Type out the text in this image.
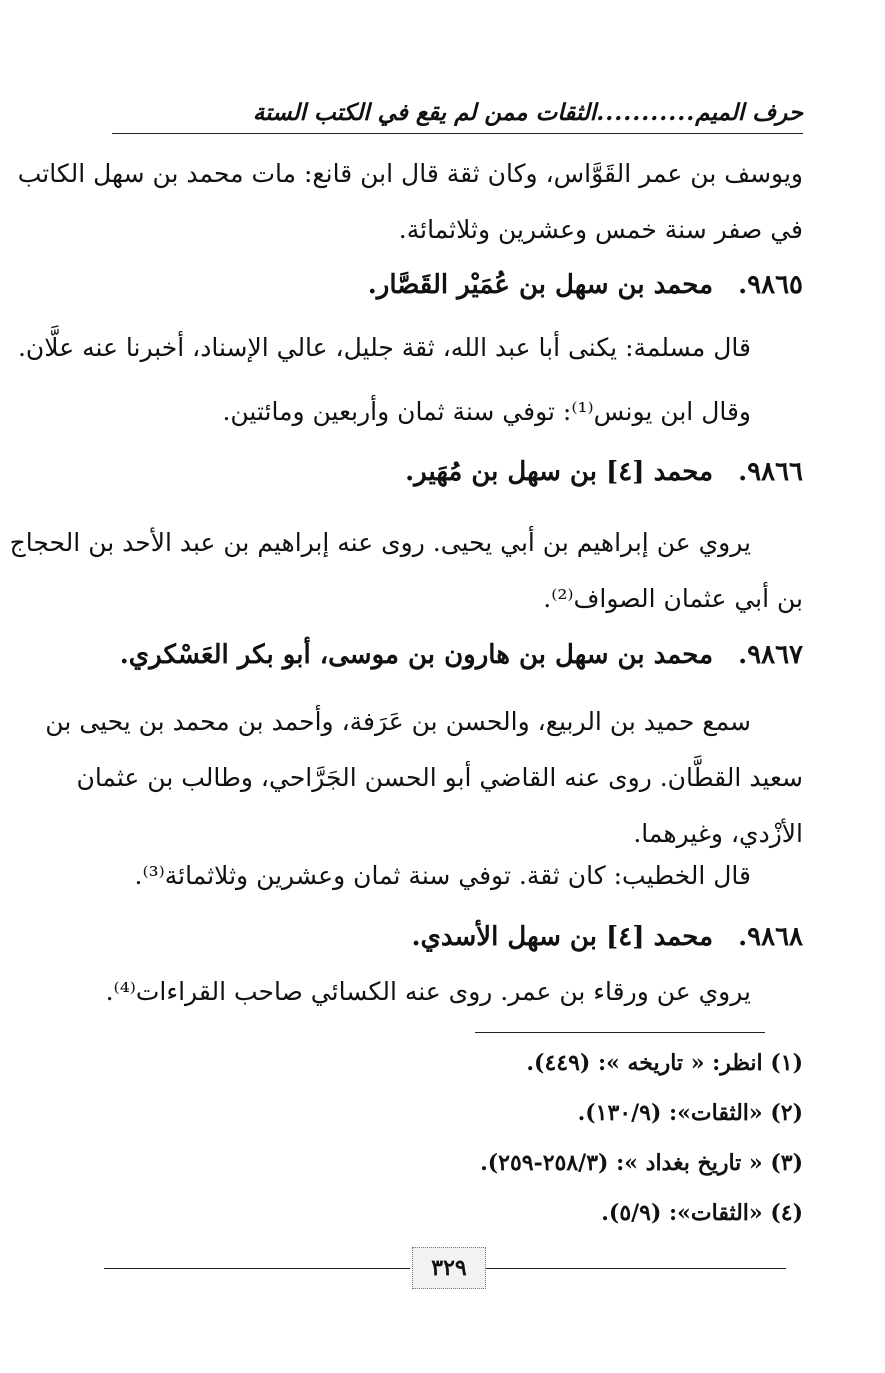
حرف الميم
...........
الثقات ممن لم يقع في الكتب الستة
ويوسف بن عمر القَوَّاس، وكان ثقة قال ابن قانع: مات محمد بن سهل الكاتب
في صفر سنة خمس وعشرين وثلاثمائة.
٩٨٦٥. محمد بن سهل بن عُمَيْر القَصَّار.
قال مسلمة: يكنى أبا عبد الله، ثقة جليل، عالي الإسناد، أخبرنا عنه علَّان.
وقال ابن يونس⁽¹⁾: توفي سنة ثمان وأربعين ومائتين.
٩٨٦٦. محمد [٤] بن سهل بن مُهَير.
يروي عن إبراهيم بن أبي يحيى. روى عنه إبراهيم بن عبد الأحد بن الحجاج
بن أبي عثمان الصواف⁽²⁾.
٩٨٦٧. محمد بن سهل بن هارون بن موسى، أبو بكر العَسْكري.
سمع حميد بن الربيع، والحسن بن عَرَفة، وأحمد بن محمد بن يحيى بن
سعيد القطَّان. روى عنه القاضي أبو الحسن الجَرَّاحي، وطالب بن عثمان
الأزْدي، وغيرهما.
قال الخطيب: كان ثقة. توفي سنة ثمان وعشرين وثلاثمائة⁽³⁾.
٩٨٦٨. محمد [٤] بن سهل الأسدي.
يروي عن ورقاء بن عمر. روى عنه الكسائي صاحب القراءات⁽⁴⁾.
(١) انظر: « تاريخه »: (٤٤٩).
(٢) «الثقات»: (١٣٠/٩).
(٣) « تاريخ بغداد »: (٢٥٨/٣-٢٥٩).
(٤) «الثقات»: (٥/٩).
٣٢٩
